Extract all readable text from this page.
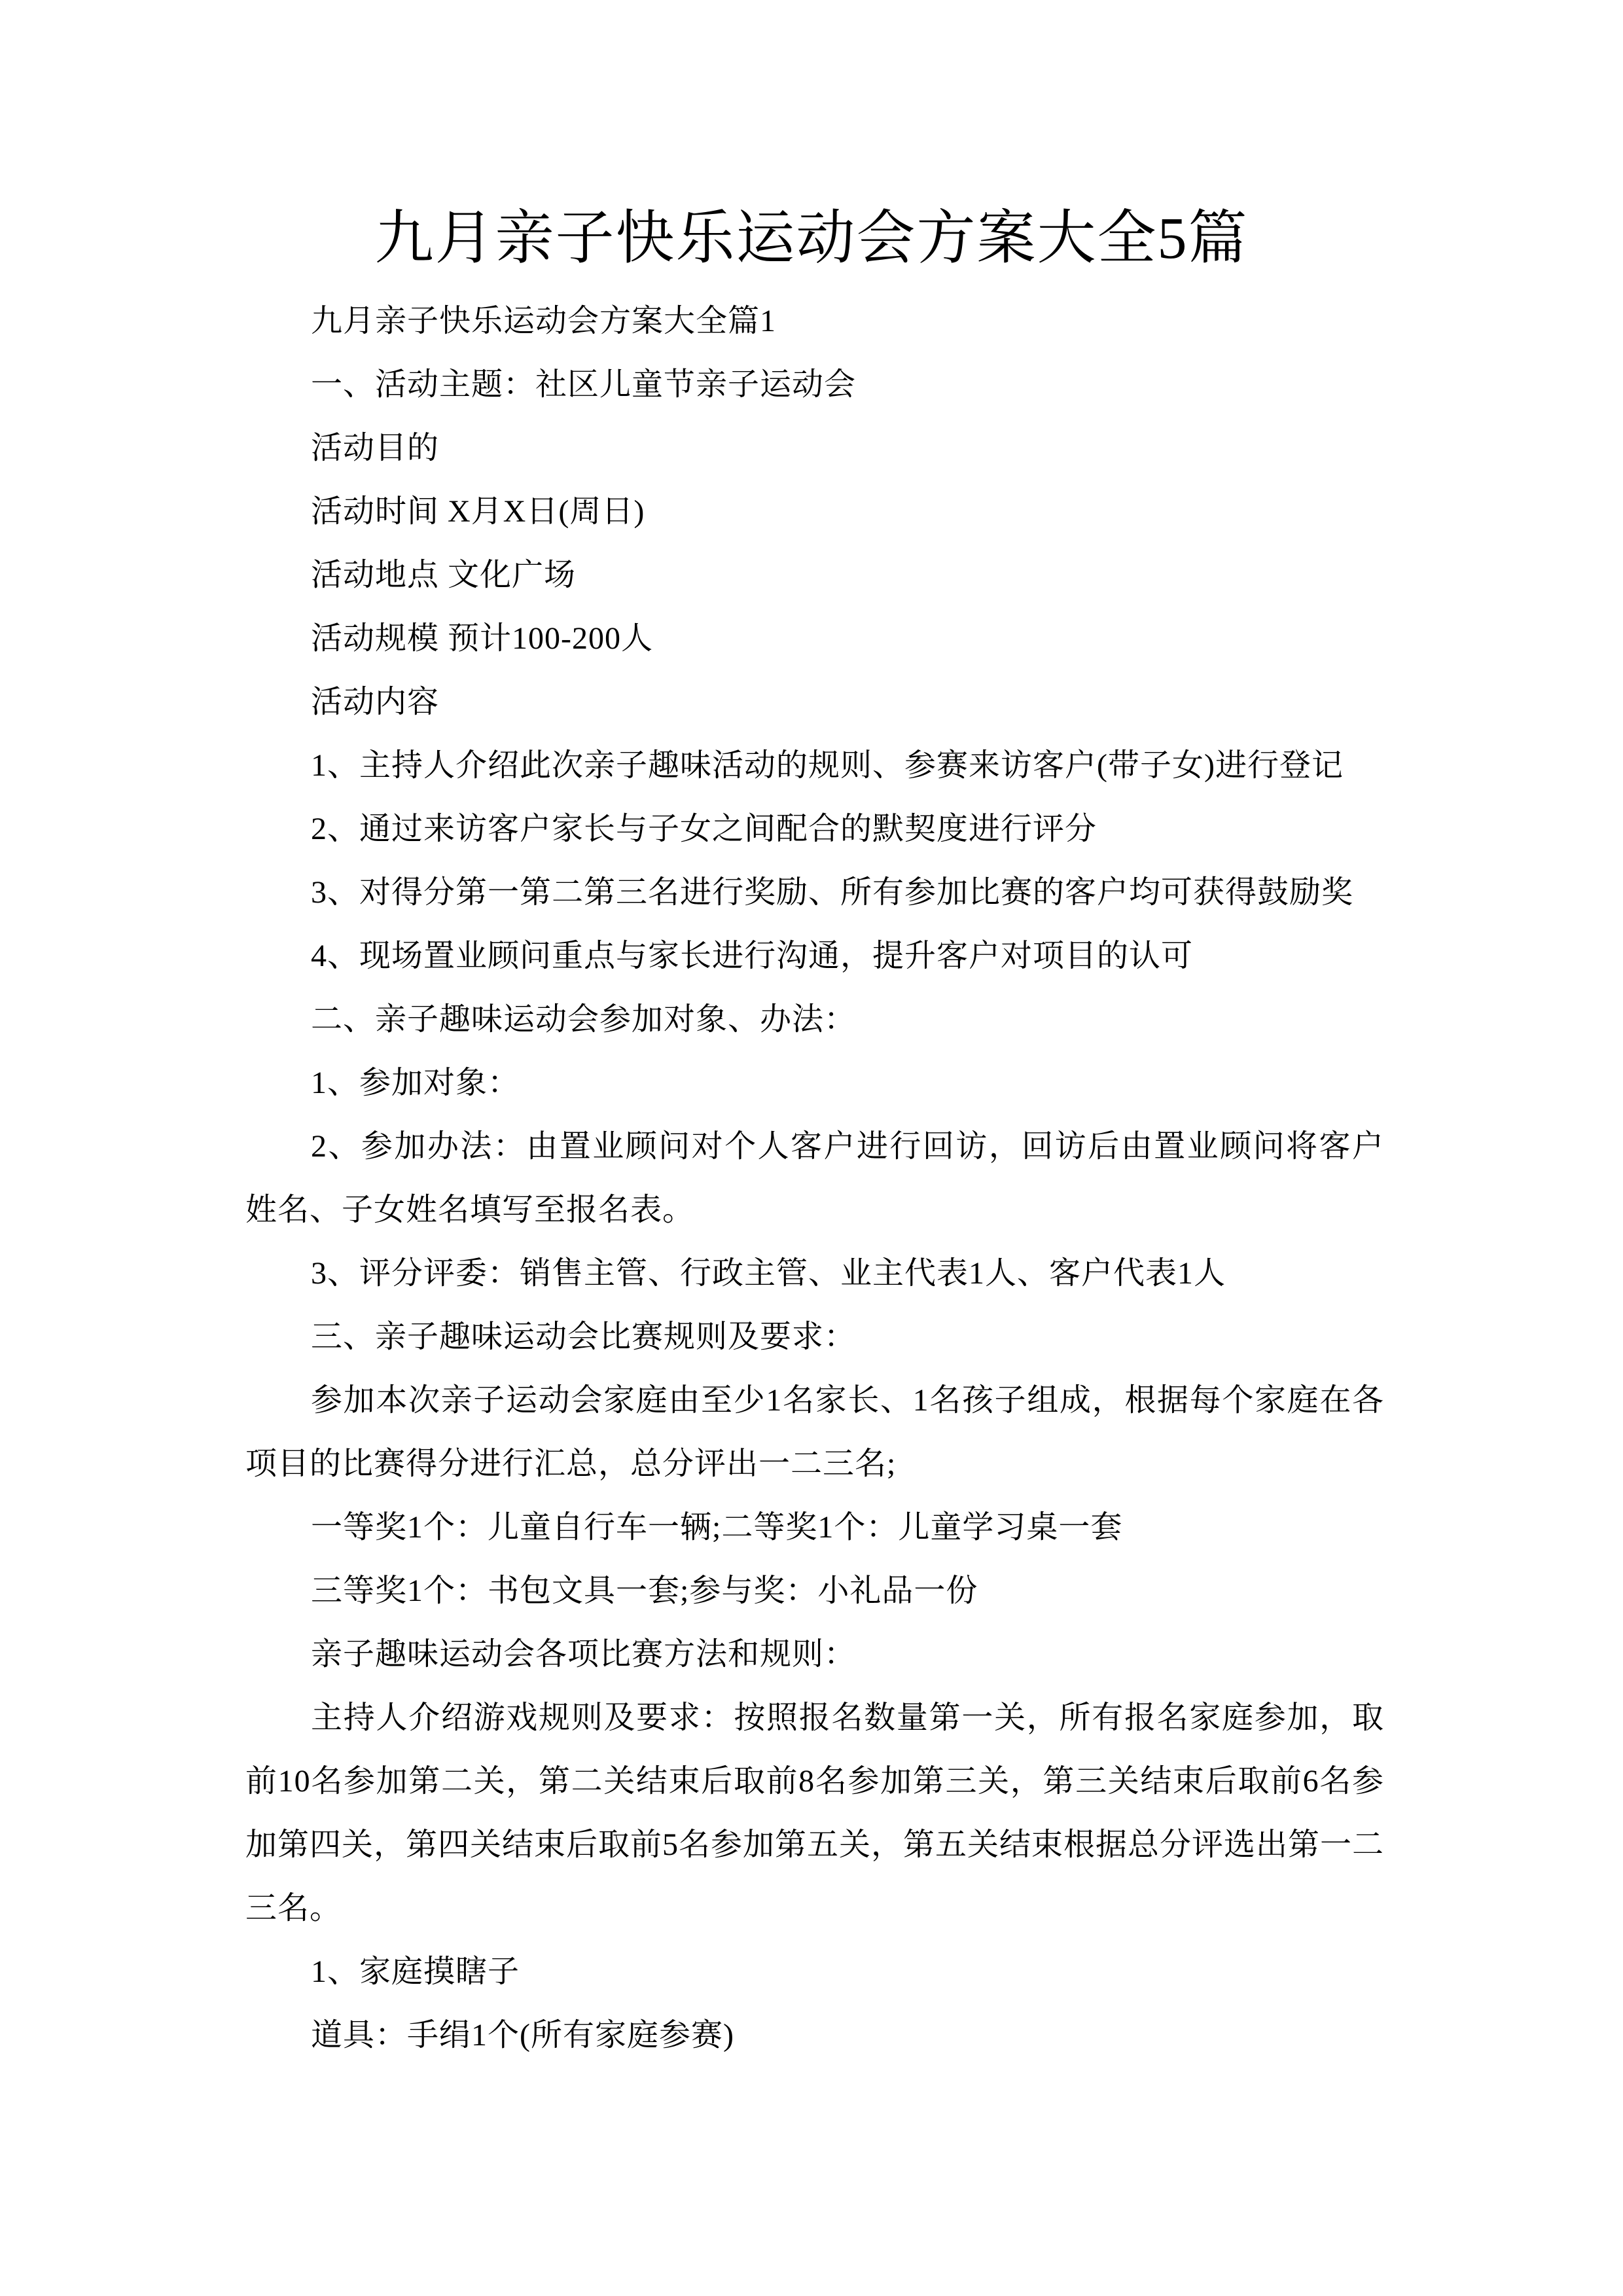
九月亲子快乐运动会方案大全5篇

九月亲子快乐运动会方案大全篇1

一、活动主题：社区儿童节亲子运动会

活动目的

活动时间 X月X日(周日)

活动地点 文化广场

活动规模 预计100-200人

活动内容

1、主持人介绍此次亲子趣味活动的规则、参赛来访客户(带子女)进行登记

2、通过来访客户家长与子女之间配合的默契度进行评分

3、对得分第一第二第三名进行奖励、所有参加比赛的客户均可获得鼓励奖

4、现场置业顾问重点与家长进行沟通，提升客户对项目的认可

二、亲子趣味运动会参加对象、办法：

1、参加对象：

2、参加办法：由置业顾问对个人客户进行回访，回访后由置业顾问将客户姓名、子女姓名填写至报名表。

3、评分评委：销售主管、行政主管、业主代表1人、客户代表1人

三、亲子趣味运动会比赛规则及要求：

参加本次亲子运动会家庭由至少1名家长、1名孩子组成，根据每个家庭在各项目的比赛得分进行汇总，总分评出一二三名;

一等奖1个：儿童自行车一辆;二等奖1个：儿童学习桌一套

三等奖1个：书包文具一套;参与奖：小礼品一份

亲子趣味运动会各项比赛方法和规则：

主持人介绍游戏规则及要求：按照报名数量第一关，所有报名家庭参加，取前10名参加第二关，第二关结束后取前8名参加第三关，第三关结束后取前6名参加第四关，第四关结束后取前5名参加第五关，第五关结束根据总分评选出第一二三名。

1、家庭摸瞎子

道具：手绢1个(所有家庭参赛)
